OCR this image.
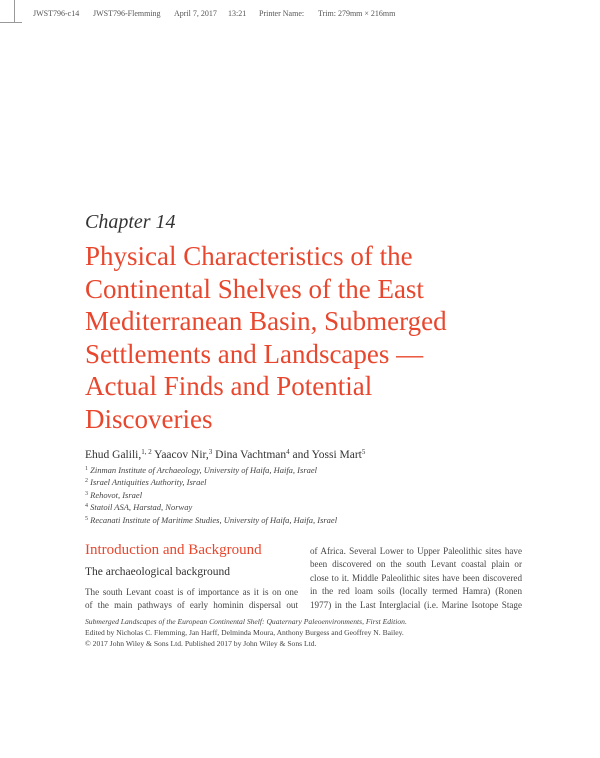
JWST796-c14 JWST796-Flemming April 7, 2017 13:21 Printer Name: Trim: 279mm × 216mm
Chapter 14
Physical Characteristics of the
Continental Shelves of the East
Mediterranean Basin, Submerged
Settlements and Landscapes —
Actual Finds and Potential
Discoveries
Ehud Galili,$^{1, 2}$ Yaacov Nir,$^3$ Dina Vachtman$^4$ and Yossi Mart$^5$
$^1$ Zinman Institute of Archaeology, University of Haifa, Haifa, Israel
$^2$ Israel Antiquities Authority, Israel
$^3$ Rehovot, Israel
$^4$ Statoil ASA, Harstad, Norway
$^5$ Recanati Institute of Maritime Studies, University of Haifa, Haifa, Israel
Introduction and Background
The archaeological background
The south Levant coast is of importance as it is on one
of the main pathways of early hominin dispersal out
of Africa. Several Lower to Upper Paleolithic sites have
been discovered on the south Levant coastal plain or
close to it. Middle Paleolithic sites have been discovered
in the red loam soils (locally termed Hamra) (Ronen
1977) in the Last Interglacial (i.e. Marine Isotope Stage
Submerged Landscapes of the European Continental Shelf: Quaternary Paleoenvironments, First Edition.
Edited by Nicholas C. Flemming, Jan Harff, Delminda Moura, Anthony Burgess and Geoffrey N. Bailey.
© 2017 John Wiley & Sons Ltd. Published 2017 by John Wiley & Sons Ltd.
